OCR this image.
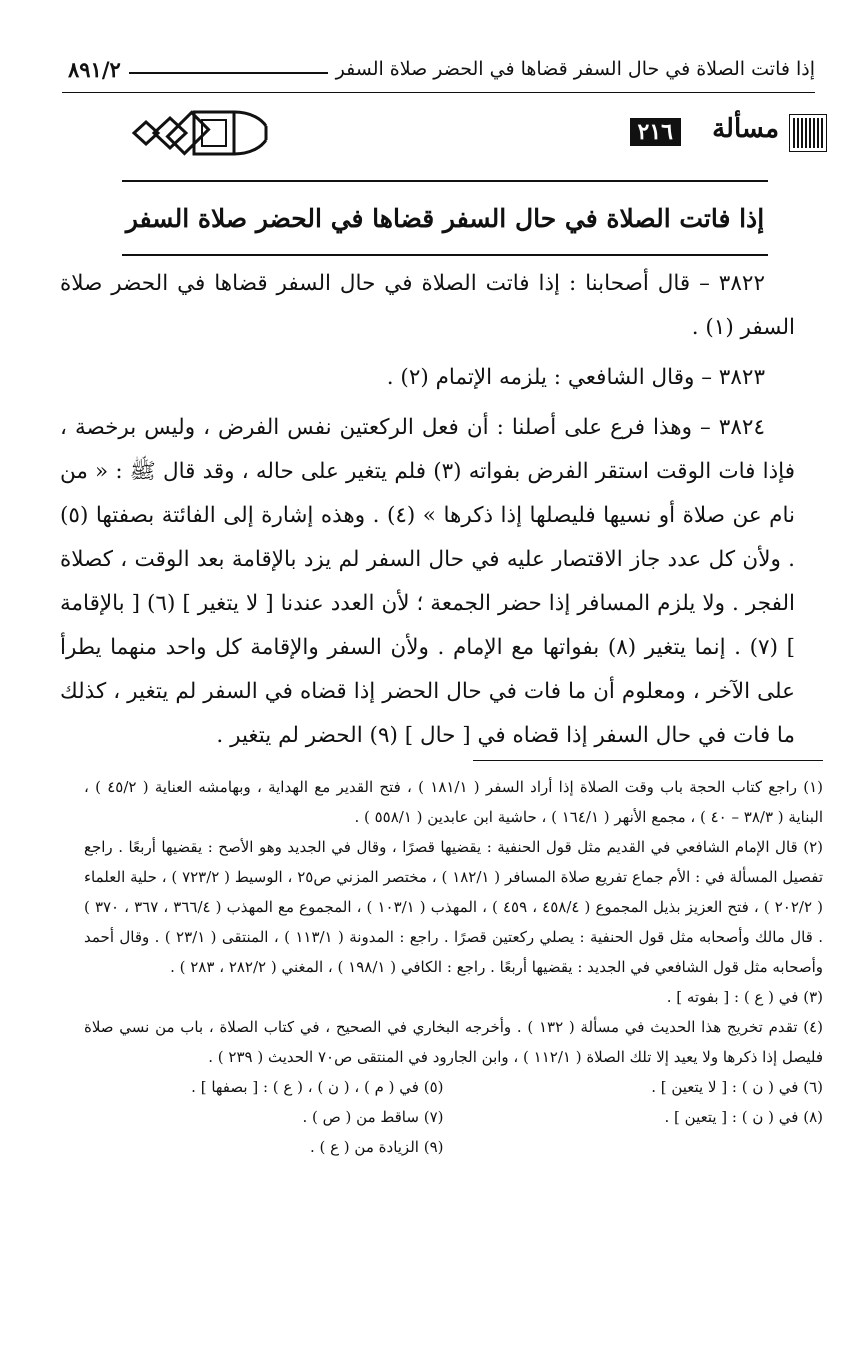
إذا فاتت الصلاة في حال السفر قضاها في الحضر صلاة السفر
٨٩١/٢
مسألة
٢١٦
إذا فاتت الصلاة في حال السفر قضاها في الحضر صلاة السفر

٣٨٢٢ – قال أصحابنا : إذا فاتت الصلاة في حال السفر قضاها في الحضر صلاة السفر (١) .

٣٨٢٣ – وقال الشافعي : يلزمه الإتمام (٢) .

٣٨٢٤ – وهذا فرع على أصلنا : أن فعل الركعتين نفس الفرض ، وليس برخصة ، فإذا فات الوقت استقر الفرض بفواته (٣) فلم يتغير على حاله ، وقد قال ﷺ : « من نام عن صلاة أو نسيها فليصلها إذا ذكرها » (٤) . وهذه إشارة إلى الفائتة بصفتها (٥) . ولأن كل عدد جاز الاقتصار عليه في حال السفر لم يزد بالإقامة بعد الوقت ، كصلاة الفجر . ولا يلزم المسافر إذا حضر الجمعة ؛ لأن العدد عندنا [ لا يتغير ] (٦) [ بالإقامة ] (٧) . إنما يتغير (٨) بفواتها مع الإمام . ولأن السفر والإقامة كل واحد منهما يطرأ على الآخر ، ومعلوم أن ما فات في حال الحضر إذا قضاه في السفر لم يتغير ، كذلك ما فات في حال السفر إذا قضاه في [ حال ] (٩) الحضر لم يتغير .

(١) راجع كتاب الحجة باب وقت الصلاة إذا أراد السفر ( ١٨١/١ ) ، فتح القدير مع الهداية ، وبهامشه العناية ( ٤٥/٢ ) ، البناية ( ٣٨/٣ – ٤٠ ) ، مجمع الأنهر ( ١٦٤/١ ) ، حاشية ابن عابدين ( ٥٥٨/١ ) .

(٢) قال الإمام الشافعي في القديم مثل قول الحنفية : يقضيها قصرًا ، وقال في الجديد وهو الأصح : يقضيها أربعًا . راجع تفصيل المسألة في : الأم جماع تفريع صلاة المسافر ( ١٨٢/١ ) ، مختصر المزني ص٢٥ ، الوسيط ( ٧٢٣/٢ ) ، حلية العلماء ( ٢٠٢/٢ ) ، فتح العزيز بذيل المجموع ( ٤٥٨/٤ ، ٤٥٩ ) ، المهذب ( ١٠٣/١ ) ، المجموع مع المهذب ( ٣٦٦/٤ ، ٣٦٧ ، ٣٧٠ ) . قال مالك وأصحابه مثل قول الحنفية : يصلي ركعتين قصرًا . راجع : المدونة ( ١١٣/١ ) ، المنتقى ( ٢٣/١ ) . وقال أحمد وأصحابه مثل قول الشافعي في الجديد : يقضيها أربعًا . راجع : الكافي ( ١٩٨/١ ) ، المغني ( ٢٨٢/٢ ، ٢٨٣ ) .

(٣) في ( ع ) : [ بفوته ] .

(٤) تقدم تخريج هذا الحديث في مسألة ( ١٣٢ ) . وأخرجه البخاري في الصحيح ، في كتاب الصلاة ، باب من نسي صلاة فليصل إذا ذكرها ولا يعيد إلا تلك الصلاة ( ١١٢/١ ) ، وابن الجارود في المنتقى ص٧٠ الحديث ( ٢٣٩ ) .

(٦) في ( ن ) : [ لا يتعين ] .
(٥) في ( م ) ، ( ن ) ، ( ع ) : [ بصفها ] .
(٨) في ( ن ) : [ يتعين ] .
(٧) ساقط من ( ص ) .
(٩) الزيادة من ( ع ) .
